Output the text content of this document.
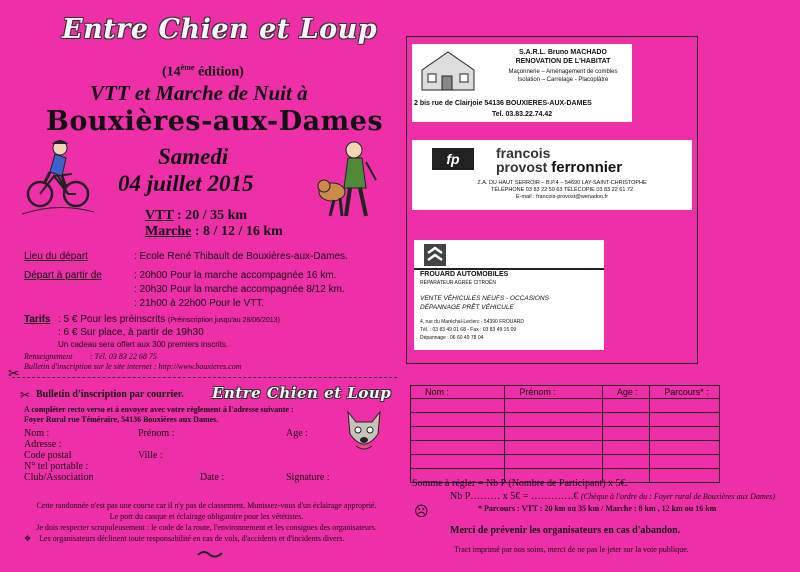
Entre Chien et Loup
(14ème édition)
VTT et Marche de Nuit à
Bouxières-aux-Dames
Samedi
04 juillet 2015
VTT : 20 / 35 km
Marche : 8 / 12 / 16 km
Lieu du départ	: Ecole René Thibault de Bouxières-aux-Dames.
Départ à partir de	: 20h00 Pour la marche accompagnée 16 km.
: 20h30 Pour la marche accompagnée 8/12 km.
: 21h00 à 22h00 Pour le VTT.
Tarifs : 5 € Pour les préinscrits (Préinscription jusqu'au 28/06/2013)
: 6 € Sur place, à partir de 19h30
Un cadeau sera offert aux 300 premiers inscrits.
Renseignement : Tél. 03 83 22 68 75
Bulletin d'inscription sur le site internet : http://www.bouxieres.com
✂
✂ Bulletin d'inscription par courrier. Entre Chien et Loup
A compléter recto verso et à envoyer avec votre règlement à l'adresse suivante :
Foyer Rural rue Téméraire, 54136 Bouxières aux Dames.
Nom :	Prénom :	Age :
Adresse :
Code postal	Ville :
N° tel portable :
Club/Association	Date :	Signature :
Cette randonnée n'est pas une course car il n'y pas de classement. Munissez-vous d'un éclairage approprié.
Le port du casque et éclairage obligatoire pour les vététistes.
Je dois respecter scrupuleusement : le code de la route, l'environnement et les consignes des organisateurs.
❖ Les organisateurs déclinent toute responsabilité en cas de vols, d'accidents et d'incidents divers.
S.A.R.L. Bruno MACHADO
RENOVATION DE L'HABITAT
Maçonnerie – Aménagement de combles
Isolation – Carrelage - Placoplâtre
2 bis rue de Clairjoie 54136 BOUXIERES-AUX-DAMES
Tel. 03.83.22.74.42
fp	francois
provost ferronnier
Z.A. DU HAUT SERROIR – B.P.4 – 54690 LAY-SAINT-CHRISTOPHE
TÉLÉPHONE 03 83 22 50 63 TÉLÉCOPIE 03 83 22 61 72
E-mail : francois-provost@wenadoo.fr
FROUARD AUTOMOBILES
RÉPARATEUR AGRÉÉ CITROËN
VENTE VÉHICULES NEUFS - OCCASIONS
DÉPANNAGE PRÊT VÉHICULE
4, rue du Maréchal-Leclerc - 54390 FROUARD
Tél. : 03 83 49 01 68 - Fax : 03 83 49 15 09
Dépannage : 06 60 49 78 04
Nom :	Prénom :	Age :	Parcours* :

Somme à régler = Nb P (Nombre de Participant) x 5€.
Nb P……… x 5€ = ………….€ (Chèque à l'ordre du : Foyer rural de Bouxières aux Dames)
* Parcours : VTT : 20 km ou 35 km / Marche : 8 km , 12 km ou 16 km
☹
Merci de prévenir les organisateurs en cas d'abandon.
Tract imprimé par nos soins, merci de ne pas le jeter sur la voie publique.
